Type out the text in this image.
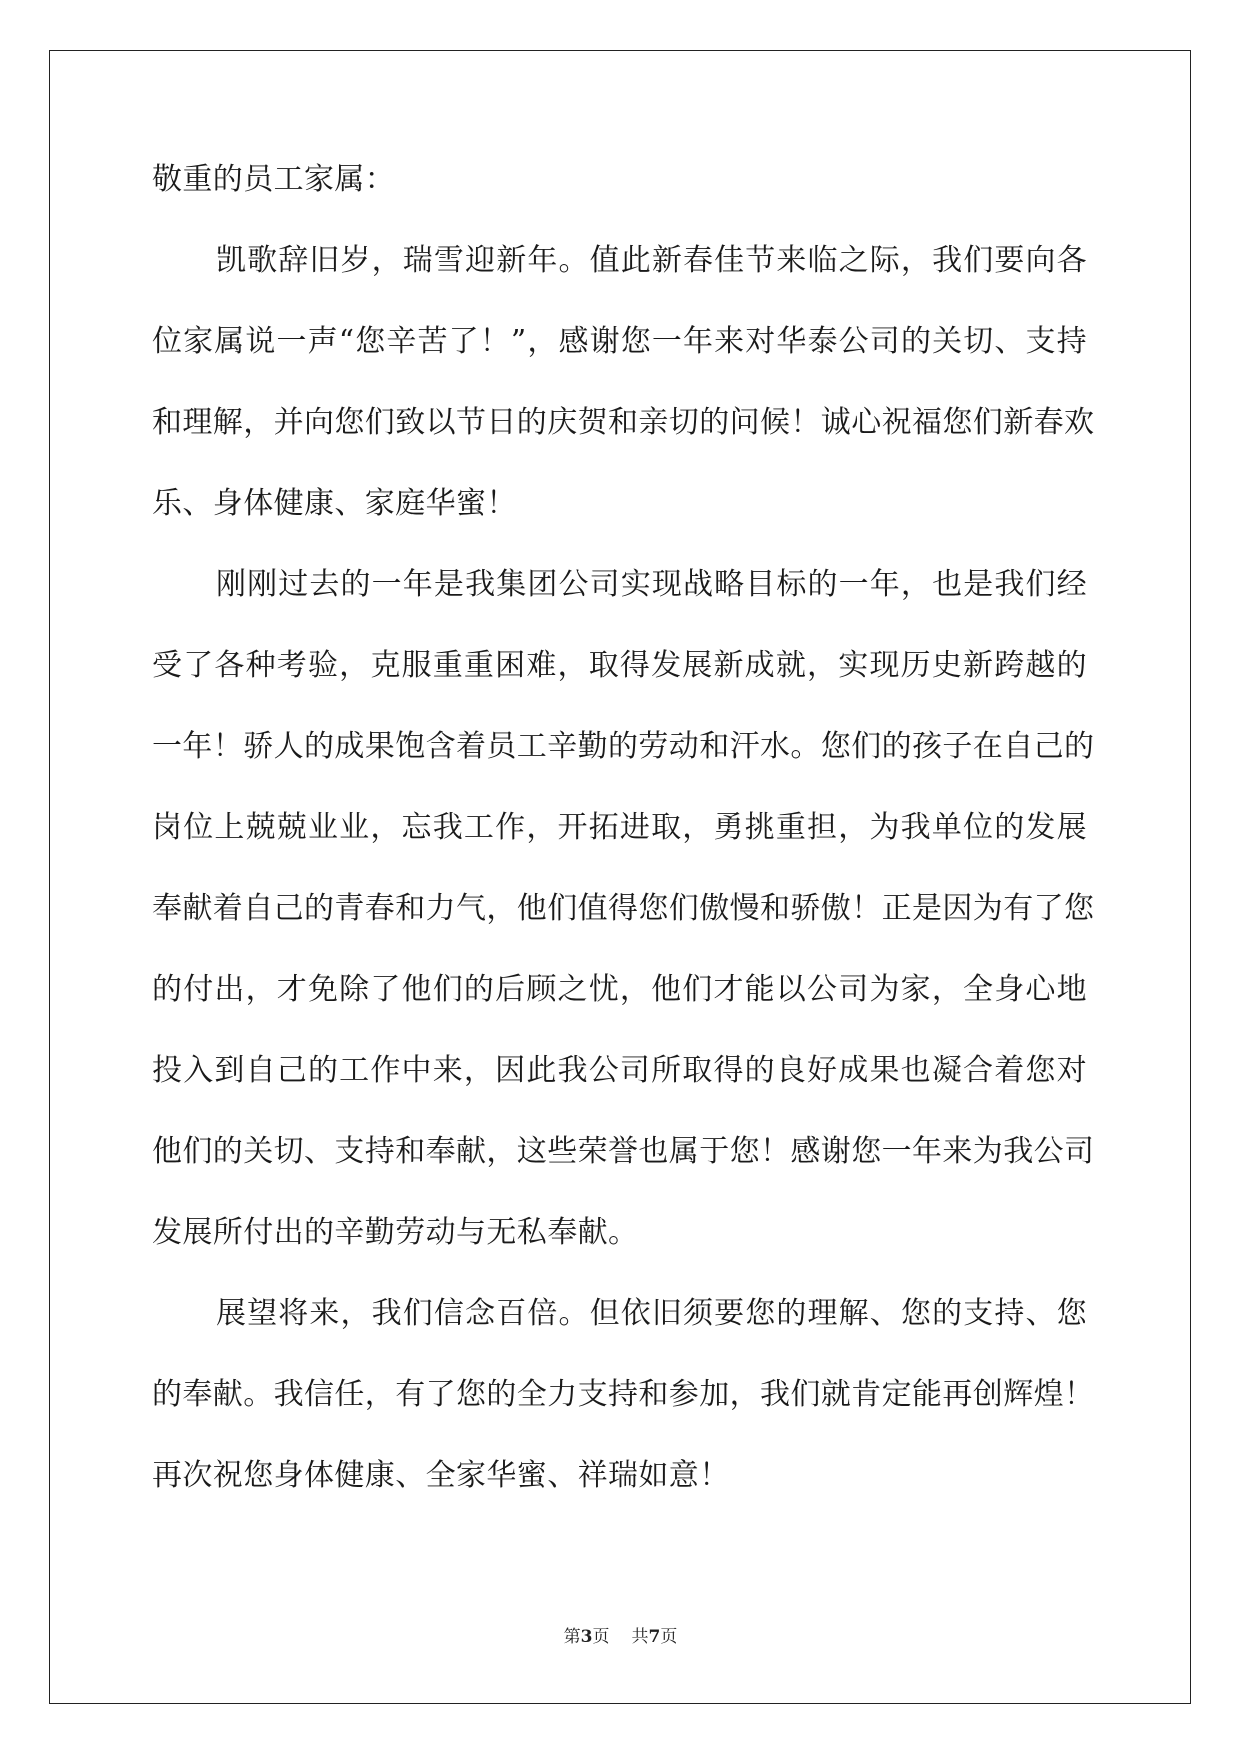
敬重的员工家属：
凯歌辞旧岁，瑞雪迎新年。值此新春佳节来临之际，我们要向各
位家属说一声“您辛苦了！”，感谢您一年来对华泰公司的关切、支持
和理解，并向您们致以节日的庆贺和亲切的问候！诚心祝福您们新春欢
乐、身体健康、家庭华蜜！
刚刚过去的一年是我集团公司实现战略目标的一年，也是我们经
受了各种考验，克服重重困难，取得发展新成就，实现历史新跨越的
一年！骄人的成果饱含着员工辛勤的劳动和汗水。您们的孩子在自己的
岗位上兢兢业业，忘我工作，开拓进取，勇挑重担，为我单位的发展
奉献着自己的青春和力气，他们值得您们傲慢和骄傲！正是因为有了您
的付出，才免除了他们的后顾之忧，他们才能以公司为家，全身心地
投入到自己的工作中来，因此我公司所取得的良好成果也凝合着您对
他们的关切、支持和奉献，这些荣誉也属于您！感谢您一年来为我公司
发展所付出的辛勤劳动与无私奉献。
展望将来，我们信念百倍。但依旧须要您的理解、您的支持、您
的奉献。我信任，有了您的全力支持和参加，我们就肯定能再创辉煌！
再次祝您身体健康、全家华蜜、祥瑞如意！
第3页 共7页
